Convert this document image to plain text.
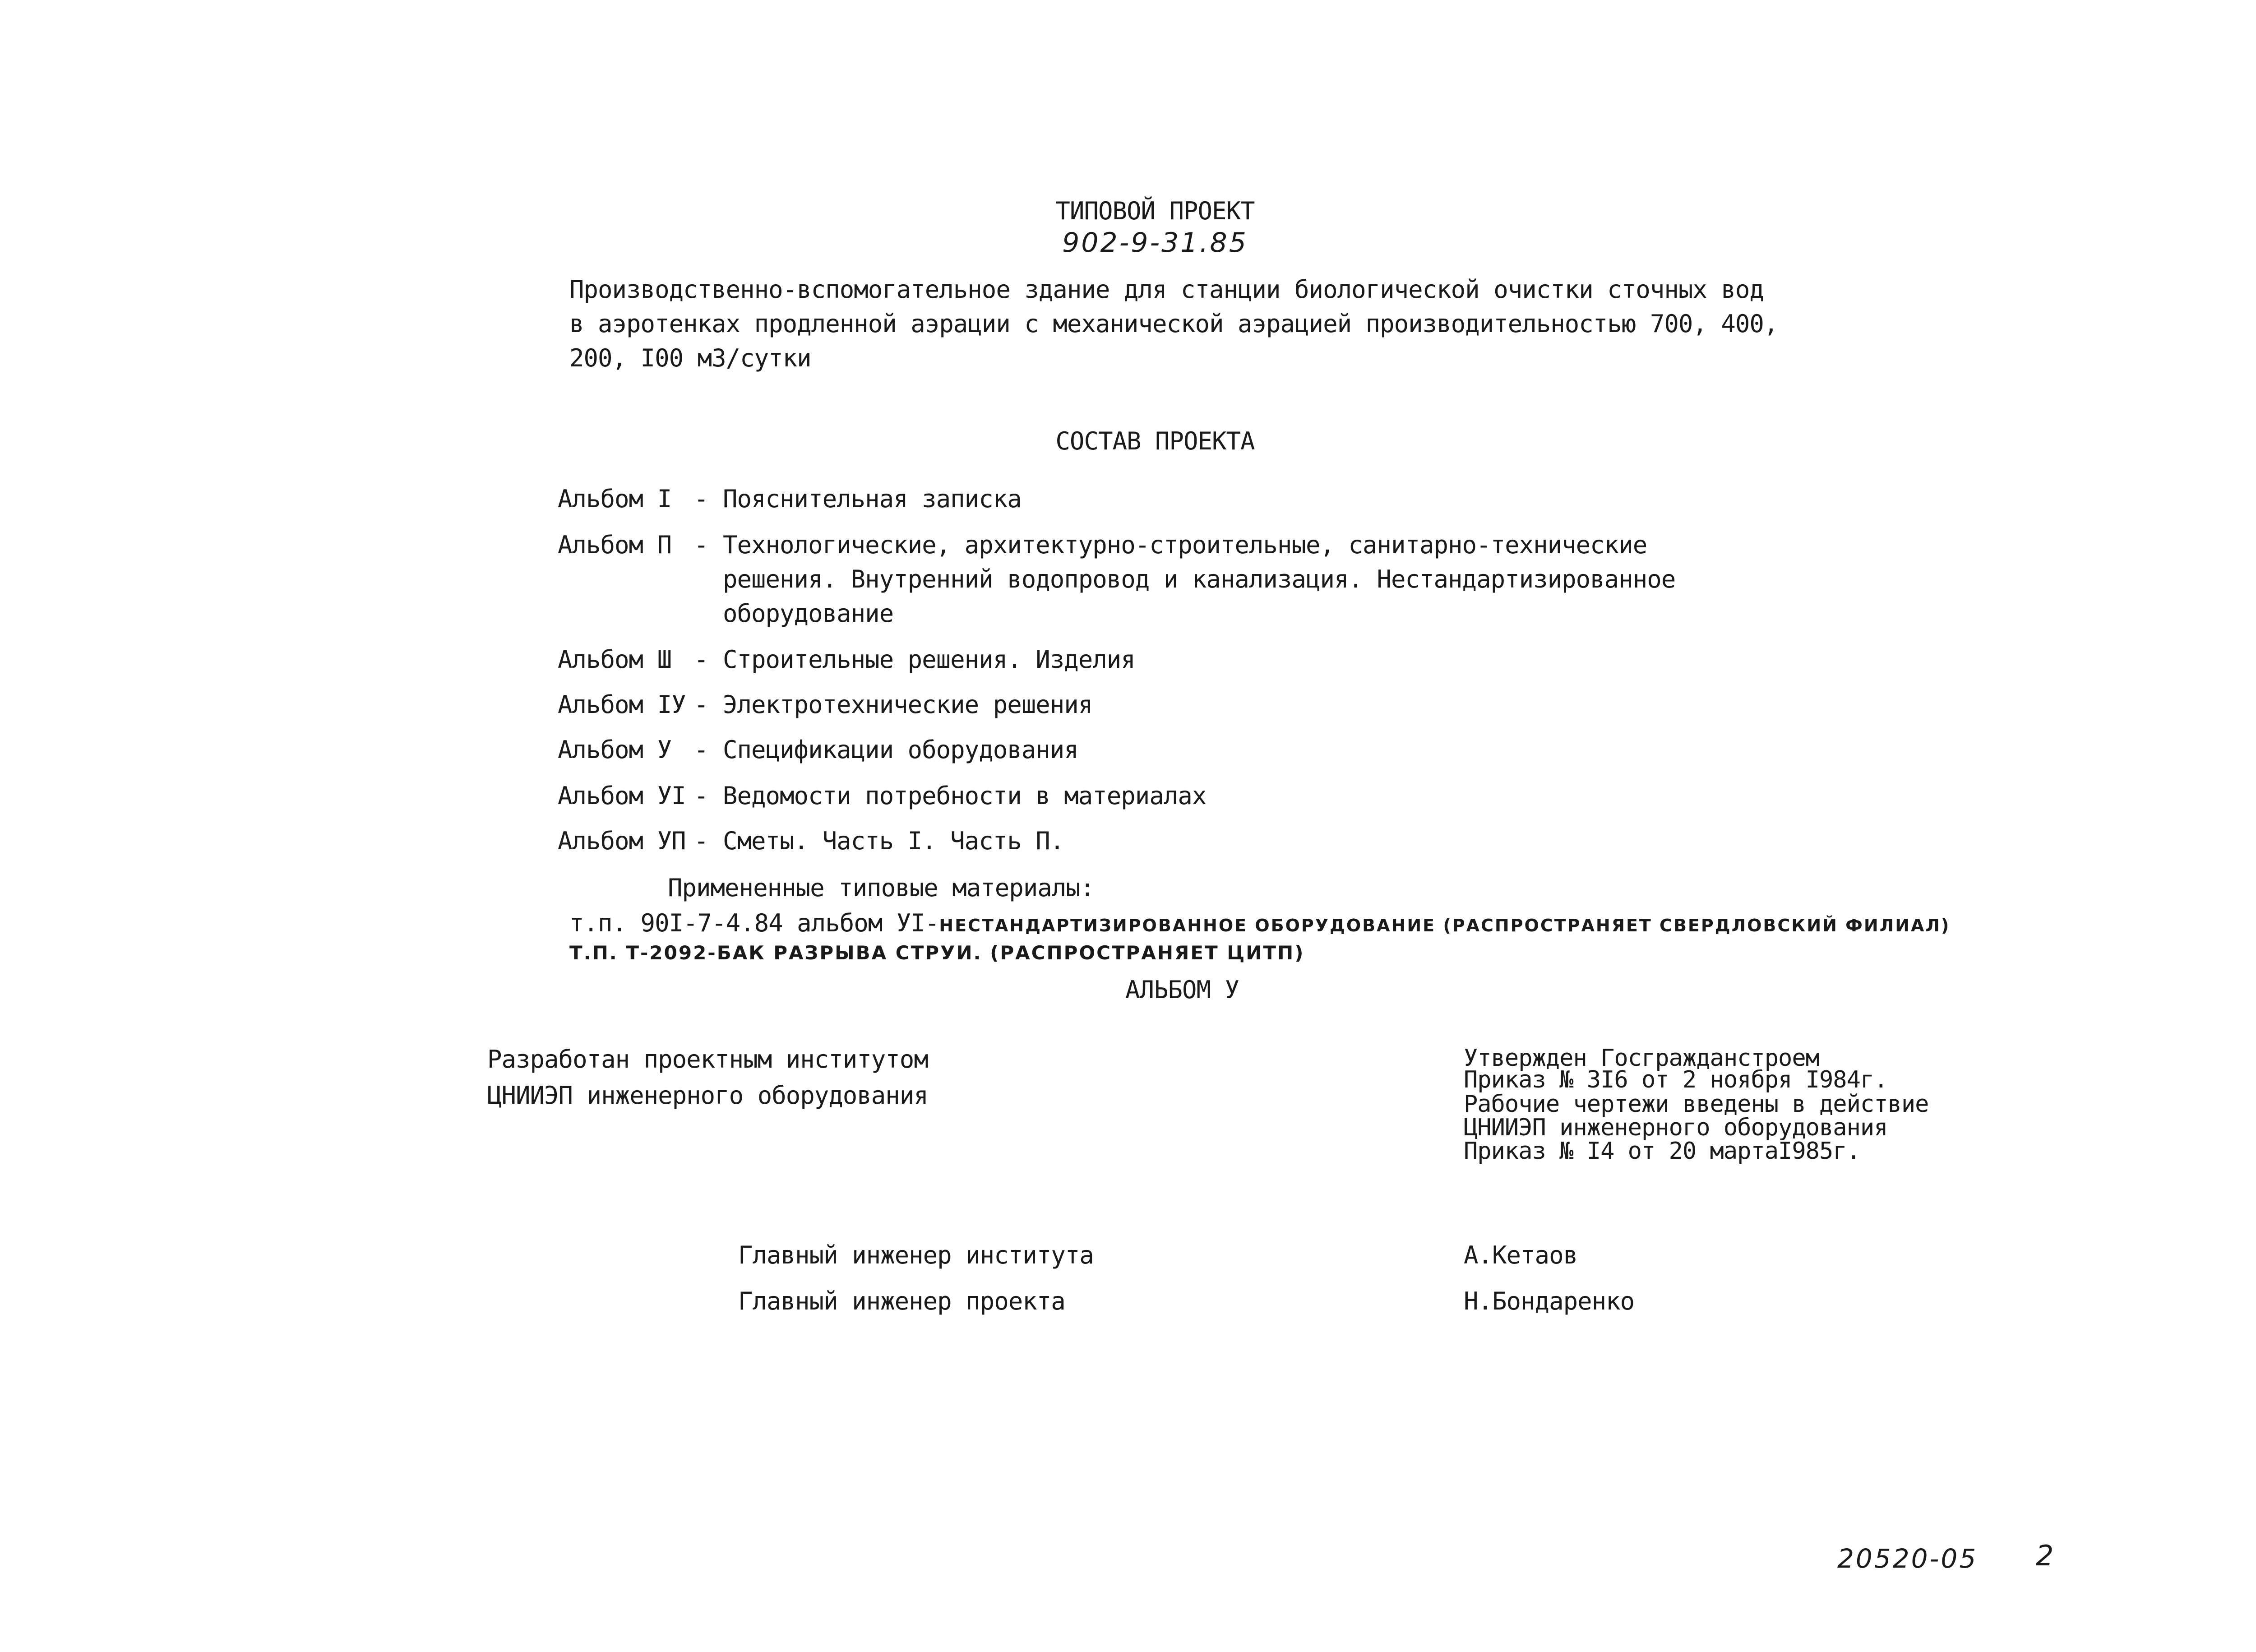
ТИПОВОЙ ПРОЕКТ
902-9-31.85
Производственно-вспомогательное здание для станции биологической очистки сточных вод
в аэротенках продленной аэрации с механической аэрацией производительностью 700, 400,
200, I00 м3/сутки
СОСТАВ ПРОЕКТА
Альбом I - Пояснительная записка
Альбом П - Технологические, архитектурно-строительные, санитарно-технические
решения. Внутренний водопровод и канализация. Нестандартизированное
оборудование
Альбом Ш - Строительные решения. Изделия
Альбом IУ - Электротехнические решения
Альбом У - Спецификации оборудования
Альбом УI - Ведомости потребности в материалах
Альбом УП - Сметы. Часть I. Часть П.
Примененные типовые материалы:
т.п. 90I-7-4.84 альбом УI-НЕСТАНДАРТИЗИРОВАННОЕ ОБОРУДОВАНИЕ (РАСПРОСТРАНЯЕТ СВЕРДЛОВСКИЙ ФИЛИАЛ)
Т.П. Т-2092-БАК РАЗРЫВА СТРУИ. (РАСПРОСТРАНЯЕТ ЦИТП)
АЛЬБОМ У
Разработан проектным институтом
ЦНИИЭП инженерного оборудования
Утвержден Госгражданстроем
Приказ № 3I6 от 2 ноября I984г.
Рабочие чертежи введены в действие
ЦНИИЭП инженерного оборудования
Приказ № I4 от 20 мартаI985г.
Главный инженер института	А.Кетаов
Главный инженер проекта	Н.Бондаренко
20520-05 2
